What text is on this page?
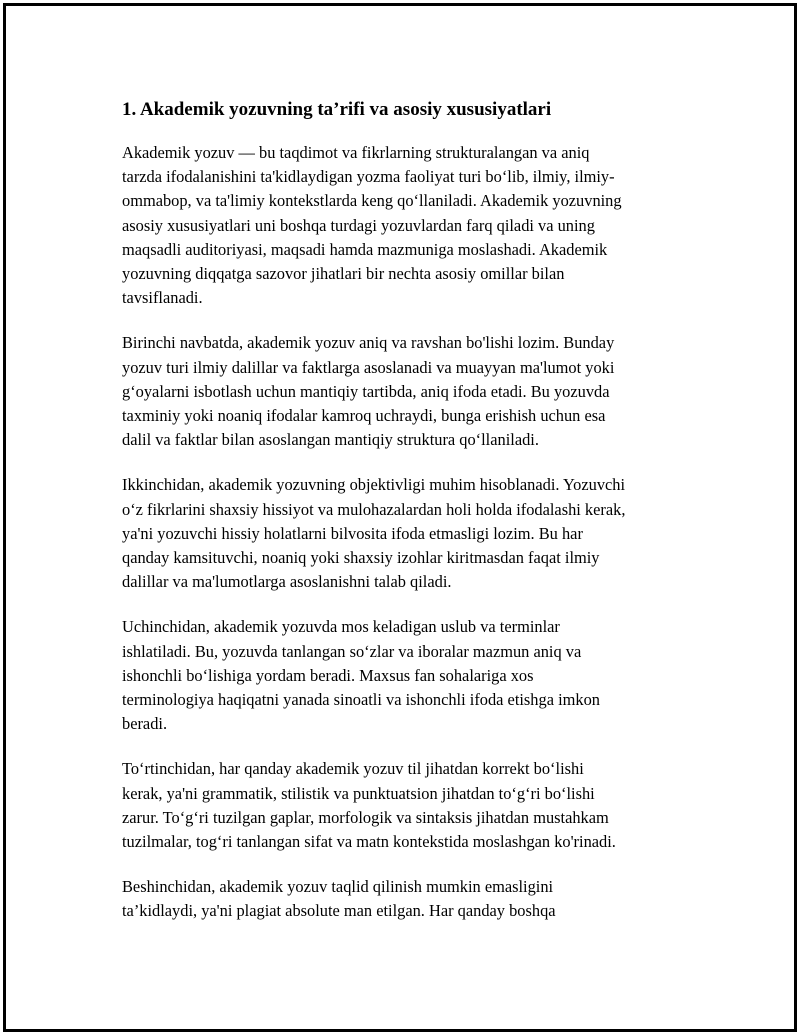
1. Akademik yozuvning ta’rifi va asosiy xususiyatlari

Akademik yozuv — bu taqdimot va fikrlarning strukturalangan va aniq
tarzda ifodalanishini ta'kidlaydigan yozma faoliyat turi bo‘lib, ilmiy, ilmiy-
ommabop, va ta'limiy kontekstlarda keng qo‘llaniladi. Akademik yozuvning
asosiy xususiyatlari uni boshqa turdagi yozuvlardan farq qiladi va uning
maqsadli auditoriyasi, maqsadi hamda mazmuniga moslashadi. Akademik
yozuvning diqqatga sazovor jihatlari bir nechta asosiy omillar bilan
tavsiflanadi.

Birinchi navbatda, akademik yozuv aniq va ravshan bo'lishi lozim. Bunday
yozuv turi ilmiy dalillar va faktlarga asoslanadi va muayyan ma'lumot yoki
g‘oyalarni isbotlash uchun mantiqiy tartibda, aniq ifoda etadi. Bu yozuvda
taxminiy yoki noaniq ifodalar kamroq uchraydi, bunga erishish uchun esa
dalil va faktlar bilan asoslangan mantiqiy struktura qo‘llaniladi.

Ikkinchidan, akademik yozuvning objektivligi muhim hisoblanadi. Yozuvchi
o‘z fikrlarini shaxsiy hissiyot va mulohazalardan holi holda ifodalashi kerak,
ya'ni yozuvchi hissiy holatlarni bilvosita ifoda etmasligi lozim. Bu har
qanday kamsituvchi, noaniq yoki shaxsiy izohlar kiritmasdan faqat ilmiy
dalillar va ma'lumotlarga asoslanishni talab qiladi.

Uchinchidan, akademik yozuvda mos keladigan uslub va terminlar
ishlatiladi. Bu, yozuvda tanlangan so‘zlar va iboralar mazmun aniq va
ishonchli bo‘lishiga yordam beradi. Maxsus fan sohalariga xos
terminologiya haqiqatni yanada sinoatli va ishonchli ifoda etishga imkon
beradi.

To‘rtinchidan, har qanday akademik yozuv til jihatdan korrekt bo‘lishi
kerak, ya'ni grammatik, stilistik va punktuatsion jihatdan to‘g‘ri bo‘lishi
zarur. To‘g‘ri tuzilgan gaplar, morfologik va sintaksis jihatdan mustahkam
tuzilmalar, tog‘ri tanlangan sifat va matn kontekstida moslashgan ko'rinadi.

Beshinchidan, akademik yozuv taqlid qilinish mumkin emasligini
ta’kidlaydi, ya'ni plagiat absolute man etilgan. Har qanday boshqa
